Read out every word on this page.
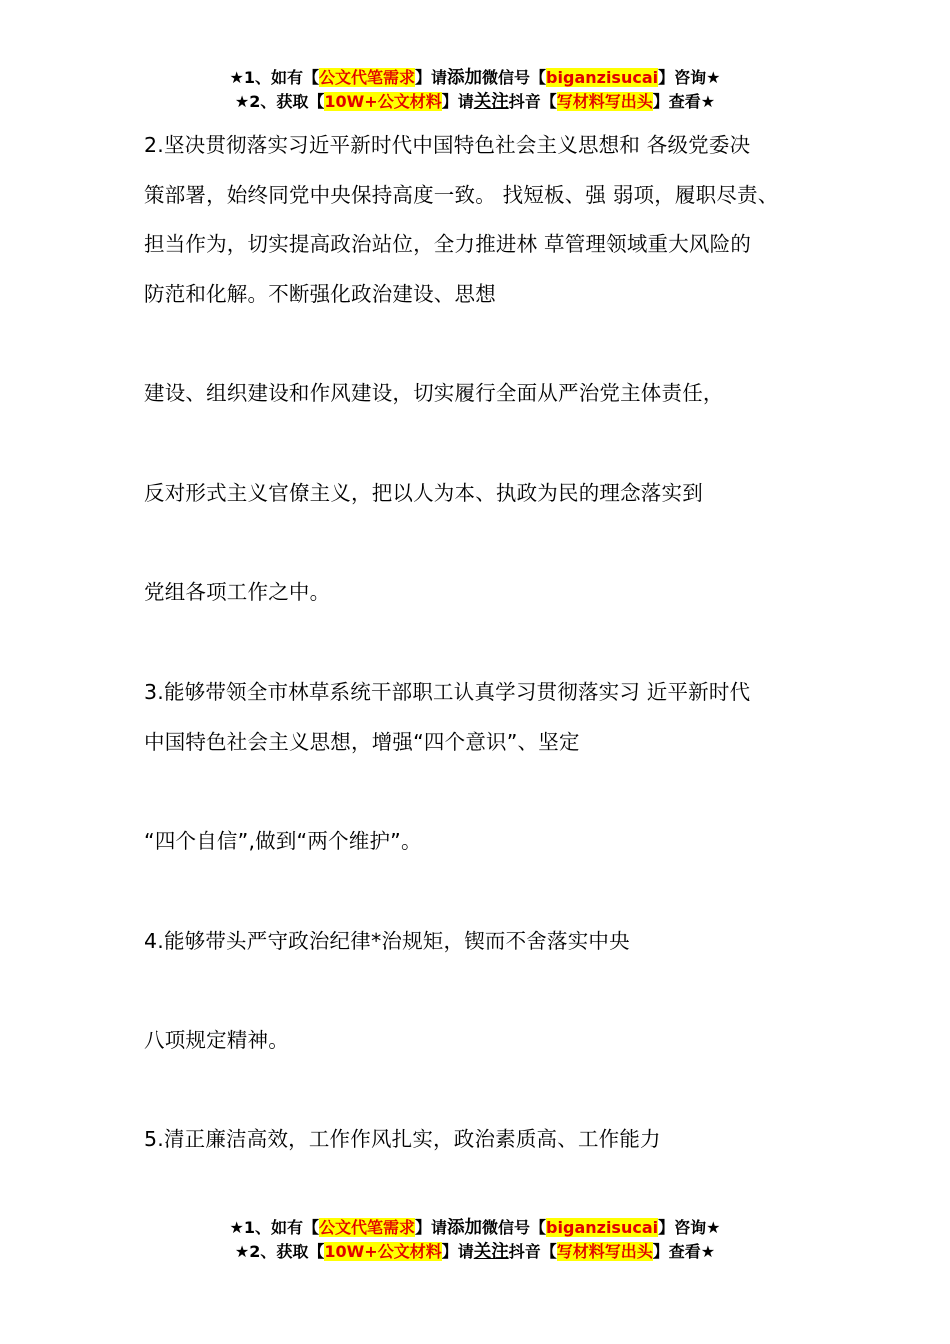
★1、如有【公文代笔需求】请添加微信号【biganzisucai】咨询★
★2、获取【10W+公文材料】请关注抖音【写材料写出头】查看★
2.坚决贯彻落实习近平新时代中国特色社会主义思想和 各级党委决
策部署，始终同党中央保持高度一致。 找短板、强 弱项，履职尽责、
担当作为，切实提高政治站位，全力推进林 草管理领域重大风险的
防范和化解。不断强化政治建设、思想
建设、组织建设和作风建设，切实履行全面从严治党主体责任，
反对形式主义官僚主义，把以人为本、执政为民的理念落实到
党组各项工作之中。
3.能够带领全市林草系统干部职工认真学习贯彻落实习 近平新时代
中国特色社会主义思想，增强“四个意识”、坚定
“四个自信”,做到“两个维护”。
4.能够带头严守政治纪律*治规矩，锲而不舍落实中央
八项规定精神。
5.清正廉洁高效，工作作风扎实，政治素质高、工作能力
★1、如有【公文代笔需求】请添加微信号【biganzisucai】咨询★
★2、获取【10W+公文材料】请关注抖音【写材料写出头】查看★
